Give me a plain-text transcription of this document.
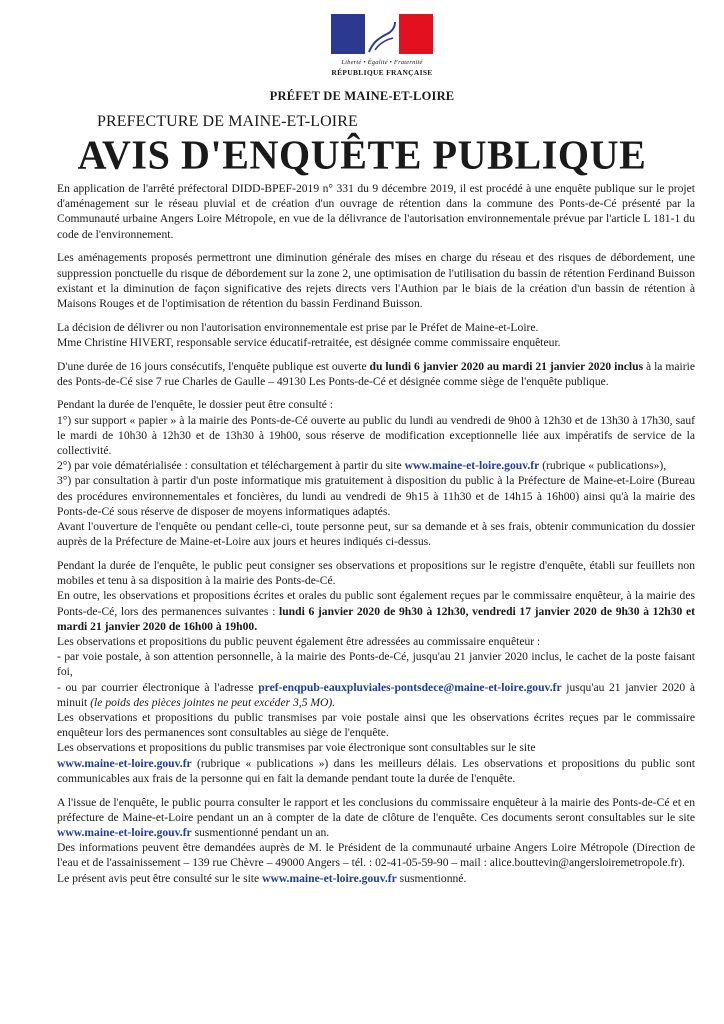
Liberté • Égalité • Fraternité
RÉPUBLIQUE FRANÇAISE
PRÉFET DE MAINE-ET-LOIRE
PREFECTURE DE MAINE-ET-LOIRE
AVIS D'ENQUÊTE PUBLIQUE

En application de l'arrêté préfectoral DIDD-BPEF-2019 n° 331 du 9 décembre 2019, il est procédé à une enquête publique sur le projet d'aménagement sur le réseau pluvial et de création d'un ouvrage de rétention dans la commune des Ponts-de-Cé présenté par la Communauté urbaine Angers Loire Métropole, en vue de la délivrance de l'autorisation environnementale prévue par l'article L 181-1 du code de l'environnement.

Les aménagements proposés permettront une diminution générale des mises en charge du réseau et des risques de débordement, une suppression ponctuelle du risque de débordement sur la zone 2, une optimisation de l'utilisation du bassin de rétention Ferdinand Buisson existant et la diminution de façon significative des rejets directs vers l'Authion par le biais de la création d'un bassin de rétention à Maisons Rouges et de l'optimisation de rétention du bassin Ferdinand Buisson.

La décision de délivrer ou non l'autorisation environnementale est prise par le Préfet de Maine-et-Loire.
Mme Christine HIVERT, responsable service éducatif-retraitée, est désignée comme commissaire enquêteur.

D'une durée de 16 jours consécutifs, l'enquête publique est ouverte du lundi 6 janvier 2020 au mardi 21 janvier 2020 inclus à la mairie des Ponts-de-Cé sise 7 rue Charles de Gaulle – 49130 Les Ponts-de-Cé et désignée comme siège de l'enquête publique.

Pendant la durée de l'enquête, le dossier peut être consulté :
1°) sur support « papier » à la mairie des Ponts-de-Cé ouverte au public du lundi au vendredi de 9h00 à 12h30 et de 13h30 à 17h30, sauf le mardi de 10h30 à 12h30 et de 13h30 à 19h00, sous réserve de modification exceptionnelle liée aux impératifs de service de la collectivité.
2°) par voie dématérialisée : consultation et téléchargement à partir du site www.maine-et-loire.gouv.fr (rubrique « publications»),
3°) par consultation à partir d'un poste informatique mis gratuitement à disposition du public à la Préfecture de Maine-et-Loire (Bureau des procédures environnementales et foncières, du lundi au vendredi de 9h15 à 11h30 et de 14h15 à 16h00) ainsi qu'à la mairie des Ponts-de-Cé sous réserve de disposer de moyens informatiques adaptés.
Avant l'ouverture de l'enquête ou pendant celle-ci, toute personne peut, sur sa demande et à ses frais, obtenir communication du dossier auprès de la Préfecture de Maine-et-Loire aux jours et heures indiqués ci-dessus.

Pendant la durée de l'enquête, le public peut consigner ses observations et propositions sur le registre d'enquête, établi sur feuillets non mobiles et tenu à sa disposition à la mairie des Ponts-de-Cé.
En outre, les observations et propositions écrites et orales du public sont également reçues par le commissaire enquêteur, à la mairie des Ponts-de-Cé, lors des permanences suivantes : lundi 6 janvier 2020 de 9h30 à 12h30, vendredi 17 janvier 2020 de 9h30 à 12h30 et mardi 21 janvier 2020 de 16h00 à 19h00.
Les observations et propositions du public peuvent également être adressées au commissaire enquêteur :
- par voie postale, à son attention personnelle, à la mairie des Ponts-de-Cé, jusqu'au 21 janvier 2020 inclus, le cachet de la poste faisant foi,
- ou par courrier électronique à l'adresse pref-enqpub-eauxpluviales-pontsdece@maine-et-loire.gouv.fr jusqu'au 21 janvier 2020 à minuit (le poids des pièces jointes ne peut excéder 3,5 MO).
Les observations et propositions du public transmises par voie postale ainsi que les observations écrites reçues par le commissaire enquêteur lors des permanences sont consultables au siège de l'enquête.
Les observations et propositions du public transmises par voie électronique sont consultables sur le site
www.maine-et-loire.gouv.fr (rubrique « publications ») dans les meilleurs délais. Les observations et propositions du public sont communicables aux frais de la personne qui en fait la demande pendant toute la durée de l'enquête.

A l'issue de l'enquête, le public pourra consulter le rapport et les conclusions du commissaire enquêteur à la mairie des Ponts-de-Cé et en préfecture de Maine-et-Loire pendant un an à compter de la date de clôture de l'enquête. Ces documents seront consultables sur le site www.maine-et-loire.gouv.fr susmentionné pendant un an.
Des informations peuvent être demandées auprès de M. le Président de la communauté urbaine Angers Loire Métropole (Direction de l'eau et de l'assainissement – 139 rue Chèvre – 49000 Angers – tél. : 02-41-05-59-90 – mail : alice.bouttevin@angersloiremetropole.fr).
Le présent avis peut être consulté sur le site www.maine-et-loire.gouv.fr susmentionné.
